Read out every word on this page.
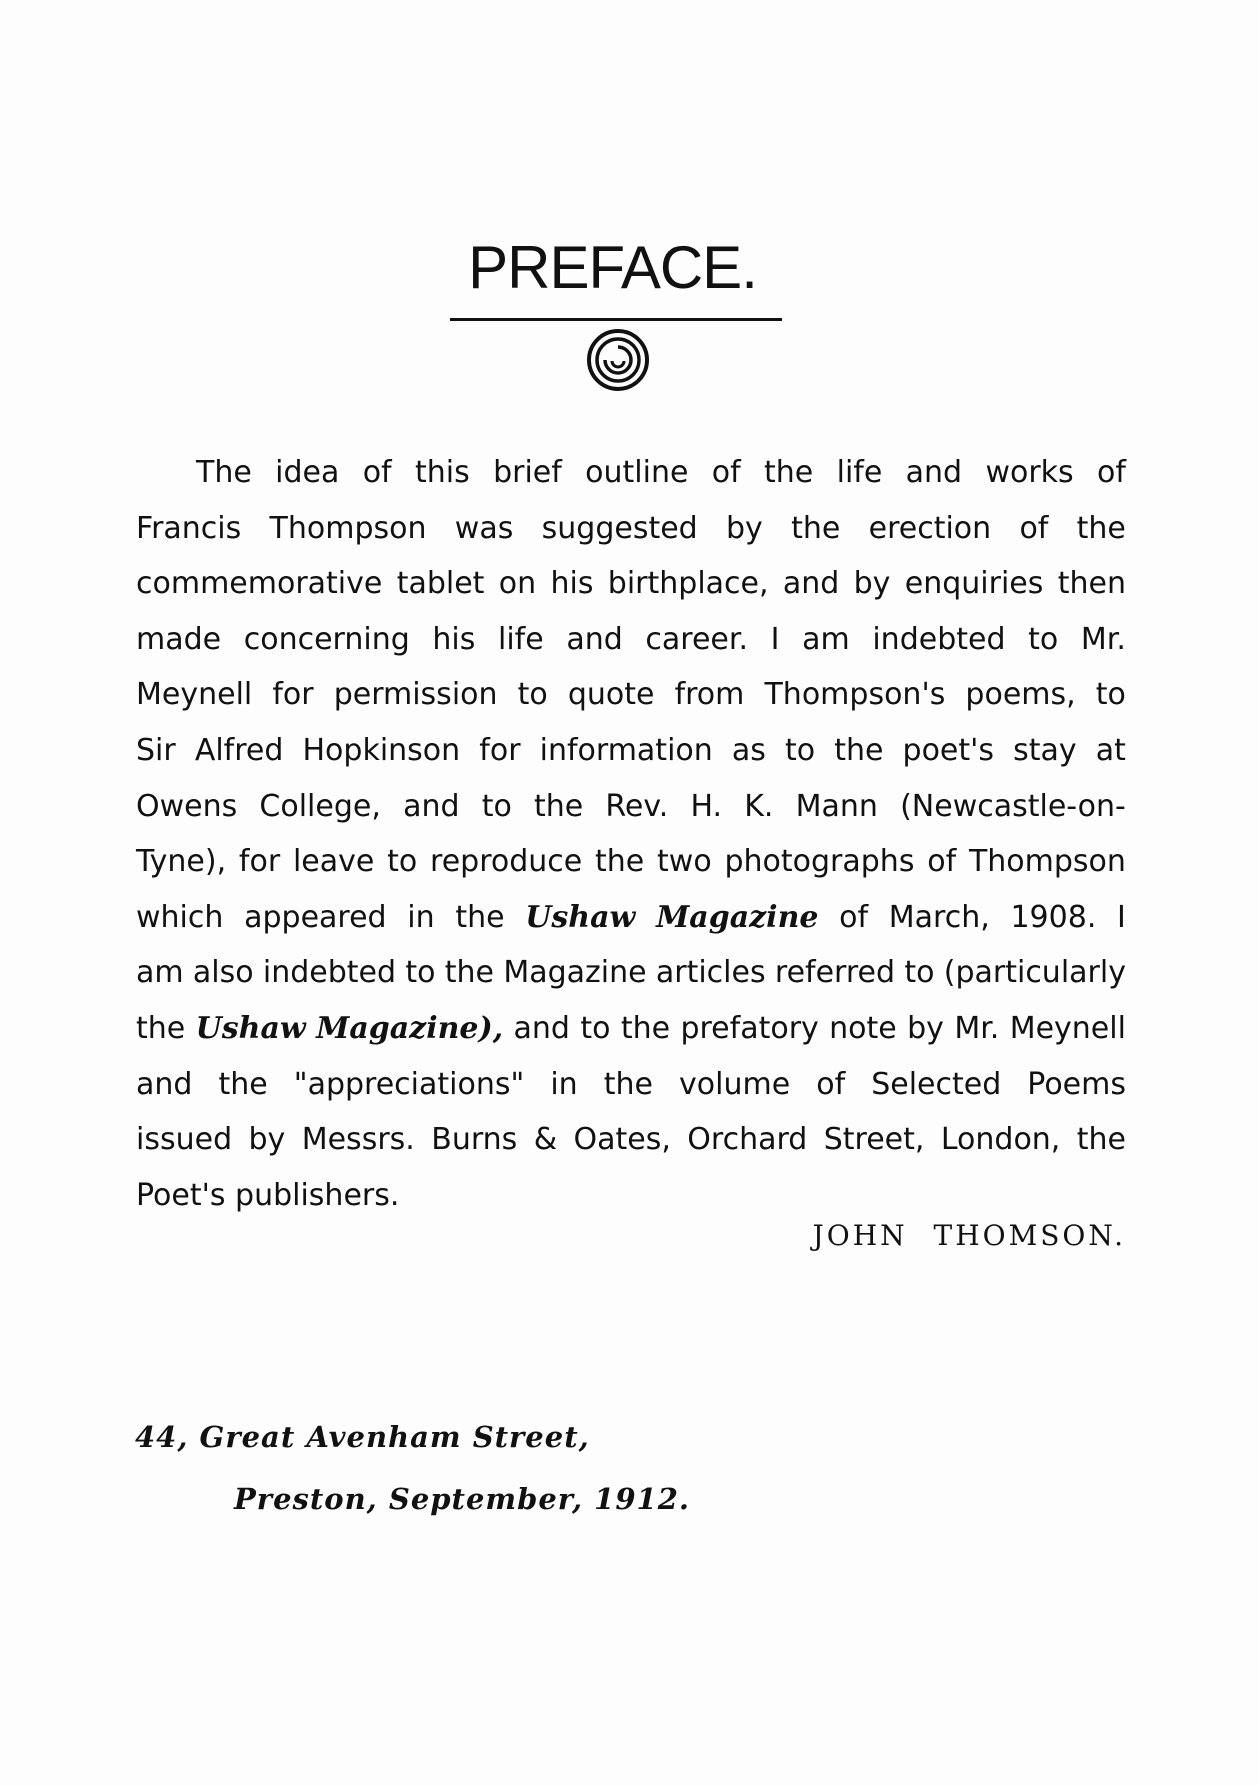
PREFACE.
The idea of this brief outline of the life and works of
Francis Thompson was suggested by the erection of the
commemorative tablet on his birthplace, and by enquiries then
made concerning his life and career. I am indebted to Mr.
Meynell for permission to quote from Thompson's poems, to
Sir Alfred Hopkinson for information as to the poet's stay at
Owens College, and to the Rev. H. K. Mann (Newcastle-on-
Tyne), for leave to reproduce the two photographs of Thompson
which appeared in the Ushaw Magazine of March, 1908. I
am also indebted to the Magazine articles referred to (particularly
the Ushaw Magazine), and to the prefatory note by Mr. Meynell
and the "appreciations" in the volume of Selected Poems
issued by Messrs. Burns & Oates, Orchard Street, London, the
Poet's
publishers.
JOHN THOMSON.
44, Great Avenham Street,
Preston, September, 1912.
